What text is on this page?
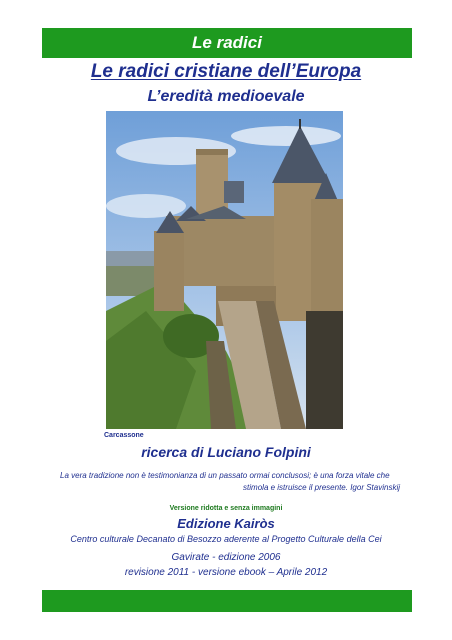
Le radici
Le radici cristiane dell’Europa
L’eredità medioevale
Carcassone
ricerca di Luciano Folpini
La vera tradizione non è testimonianza di un passato ormai conclusosi; è una forza vitale che
stimola e istruisce il presente. Igor Stavinskij
Versione ridotta e senza immagini
Edizione Kairòs
Centro culturale Decanato di Besozzo aderente al Progetto Culturale della Cei
Gavirate - edizione 2006
revisione 2011 - versione ebook – Aprile 2012
